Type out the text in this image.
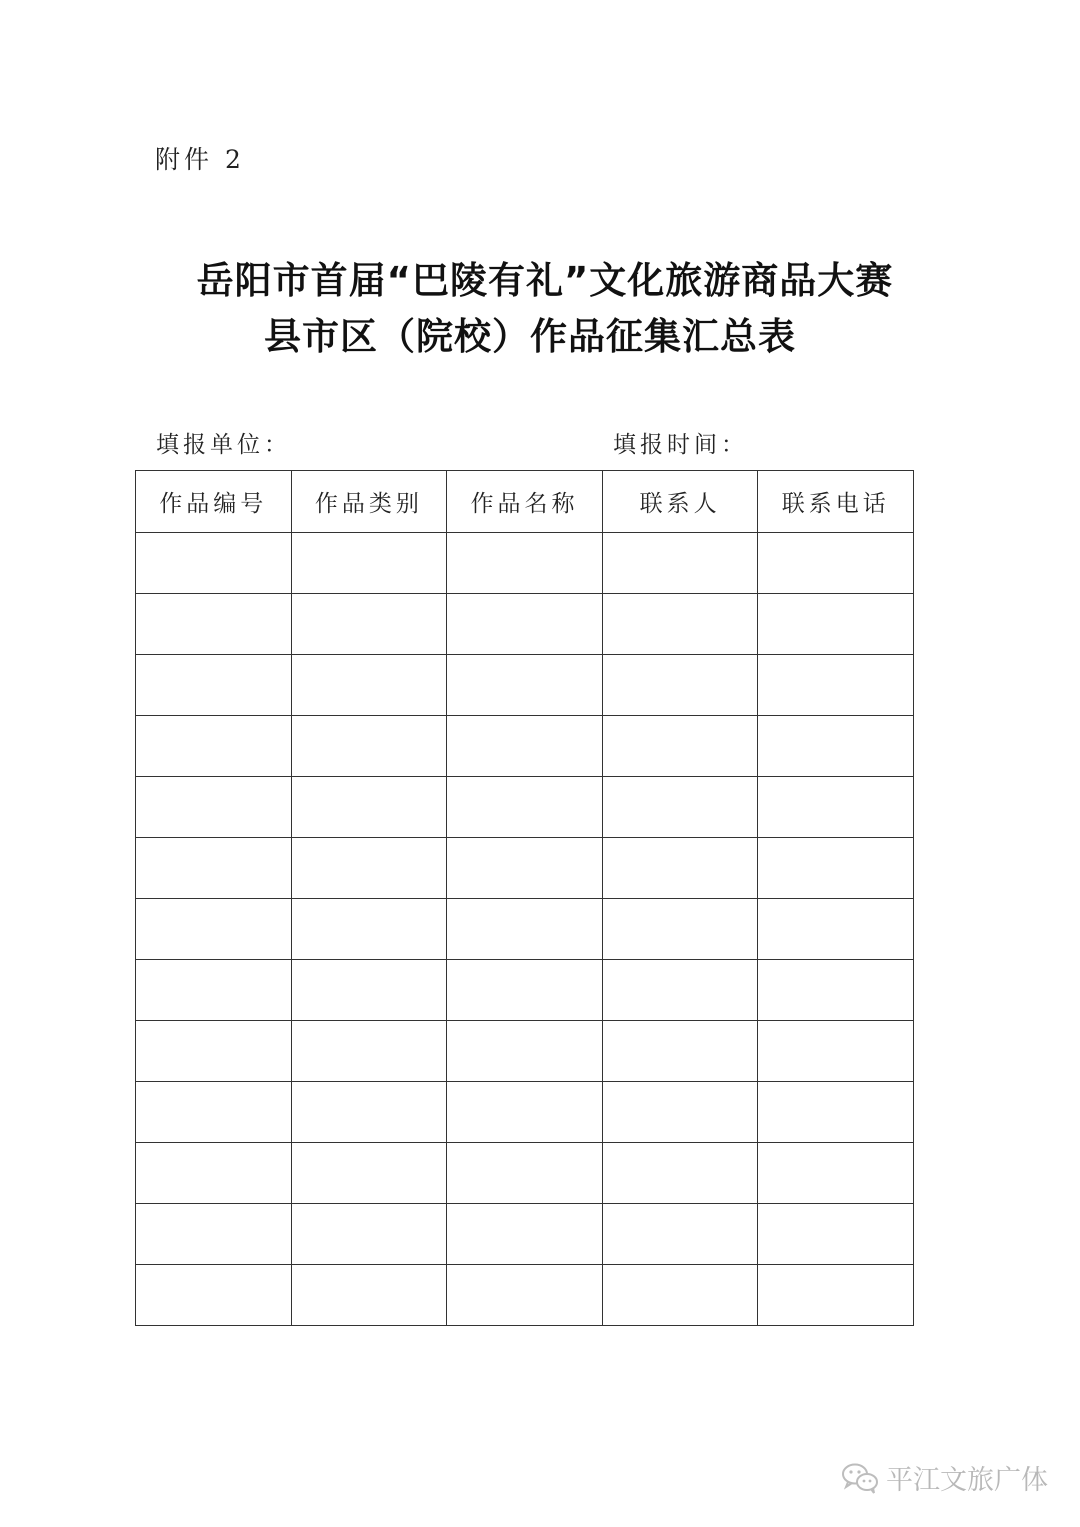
附件 2
岳阳市首届“巴陵有礼”文化旅游商品大赛
县市区（院校）作品征集汇总表
填报单位：	填报时间：
作品编号	作品类别	作品名称	联系人	联系电话

平江文旅广体
